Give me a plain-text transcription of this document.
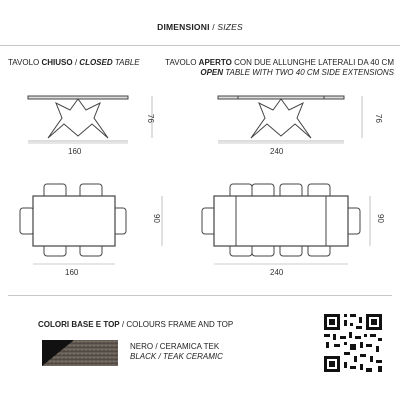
DIMENSIONI / SIZES
TAVOLO CHIUSO / CLOSED TABLE	TAVOLO APERTO CON DUE ALLUNGHE LATERALI DA 40 CM
OPEN TABLE WITH TWO 40 CM SIDE EXTENSIONS
160
76
240
76
160
90
240
90
COLORI BASE E TOP / COLOURS FRAME AND TOP
NERO / CERAMICA TEK
BLACK / TEAK CERAMIC
